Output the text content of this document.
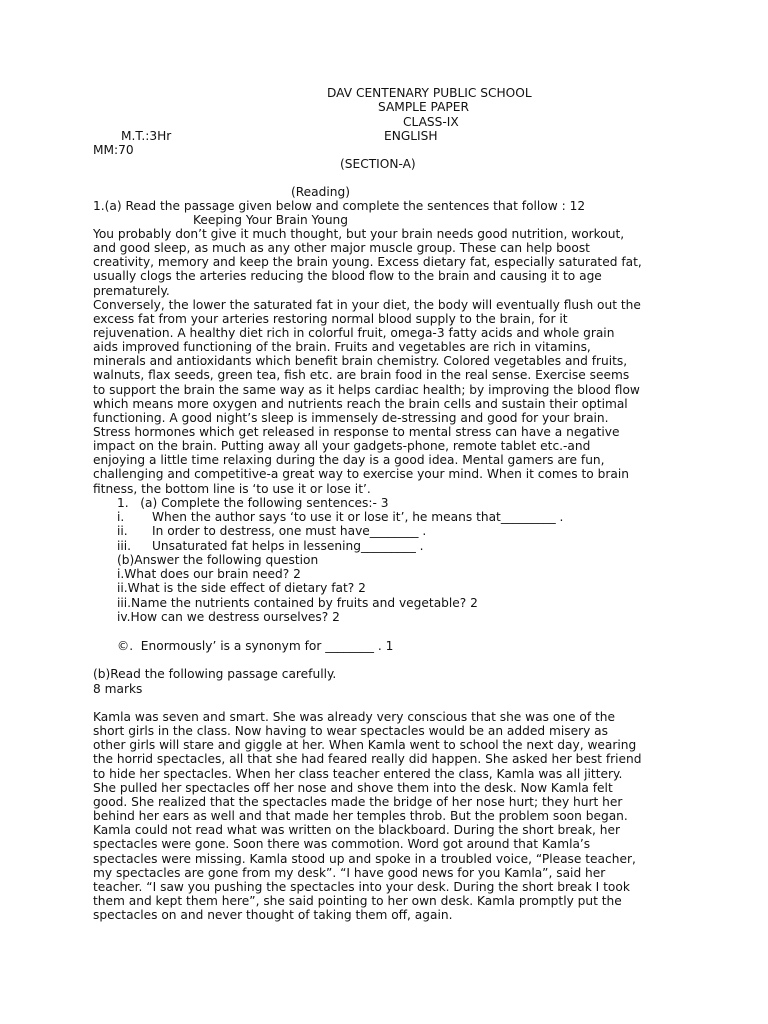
DAV CENTENARY PUBLIC SCHOOL
SAMPLE PAPER
CLASS-IX
M.T.:3Hr	ENGLISH
MM:70
(SECTION-A)
(Reading)
1.(a) Read the passage given below and complete the sentences that follow : 12
Keeping Your Brain Young
You probably don’t give it much thought, but your brain needs good nutrition, workout,
and good sleep, as much as any other major muscle group. These can help boost
creativity, memory and keep the brain young. Excess dietary fat, especially saturated fat,
usually clogs the arteries reducing the blood flow to the brain and causing it to age
prematurely.
Conversely, the lower the saturated fat in your diet, the body will eventually flush out the
excess fat from your arteries restoring normal blood supply to the brain, for it
rejuvenation. A healthy diet rich in colorful fruit, omega-3 fatty acids and whole grain
aids improved functioning of the brain. Fruits and vegetables are rich in vitamins,
minerals and antioxidants which benefit brain chemistry. Colored vegetables and fruits,
walnuts, flax seeds, green tea, fish etc. are brain food in the real sense. Exercise seems
to support the brain the same way as it helps cardiac health; by improving the blood flow
which means more oxygen and nutrients reach the brain cells and sustain their optimal
functioning. A good night’s sleep is immensely de-stressing and good for your brain.
Stress hormones which get released in response to mental stress can have a negative
impact on the brain. Putting away all your gadgets-phone, remote tablet etc.-and
enjoying a little time relaxing during the day is a good idea. Mental gamers are fun,
challenging and competitive-a great way to exercise your mind. When it comes to brain
fitness, the bottom line is ‘to use it or lose it’.
1.   (a) Complete the following sentences:- 3
i. When the author says ‘to use it or lose it’, he means that_________ .
ii. In order to destress, one must have________ .
iii. Unsaturated fat helps in lessening_________ .
(b)Answer the following question
i.What does our brain need? 2
ii.What is the side effect of dietary fat? 2
iii.Name the nutrients contained by fruits and vegetable? 2
iv.How can we destress ourselves? 2
©.  Enormously’ is a synonym for ________ . 1
(b)Read the following passage carefully.
8 marks
Kamla was seven and smart. She was already very conscious that she was one of the
short girls in the class. Now having to wear spectacles would be an added misery as
other girls will stare and giggle at her. When Kamla went to school the next day, wearing
the horrid spectacles, all that she had feared really did happen. She asked her best friend
to hide her spectacles. When her class teacher entered the class, Kamla was all jittery.
She pulled her spectacles off her nose and shove them into the desk. Now Kamla felt
good. She realized that the spectacles made the bridge of her nose hurt; they hurt her
behind her ears as well and that made her temples throb. But the problem soon began.
Kamla could not read what was written on the blackboard. During the short break, her
spectacles were gone. Soon there was commotion. Word got around that Kamla’s
spectacles were missing. Kamla stood up and spoke in a troubled voice, “Please teacher,
my spectacles are gone from my desk”. “I have good news for you Kamla”, said her
teacher. “I saw you pushing the spectacles into your desk. During the short break I took
them and kept them here”, she said pointing to her own desk. Kamla promptly put the
spectacles on and never thought of taking them off, again.
